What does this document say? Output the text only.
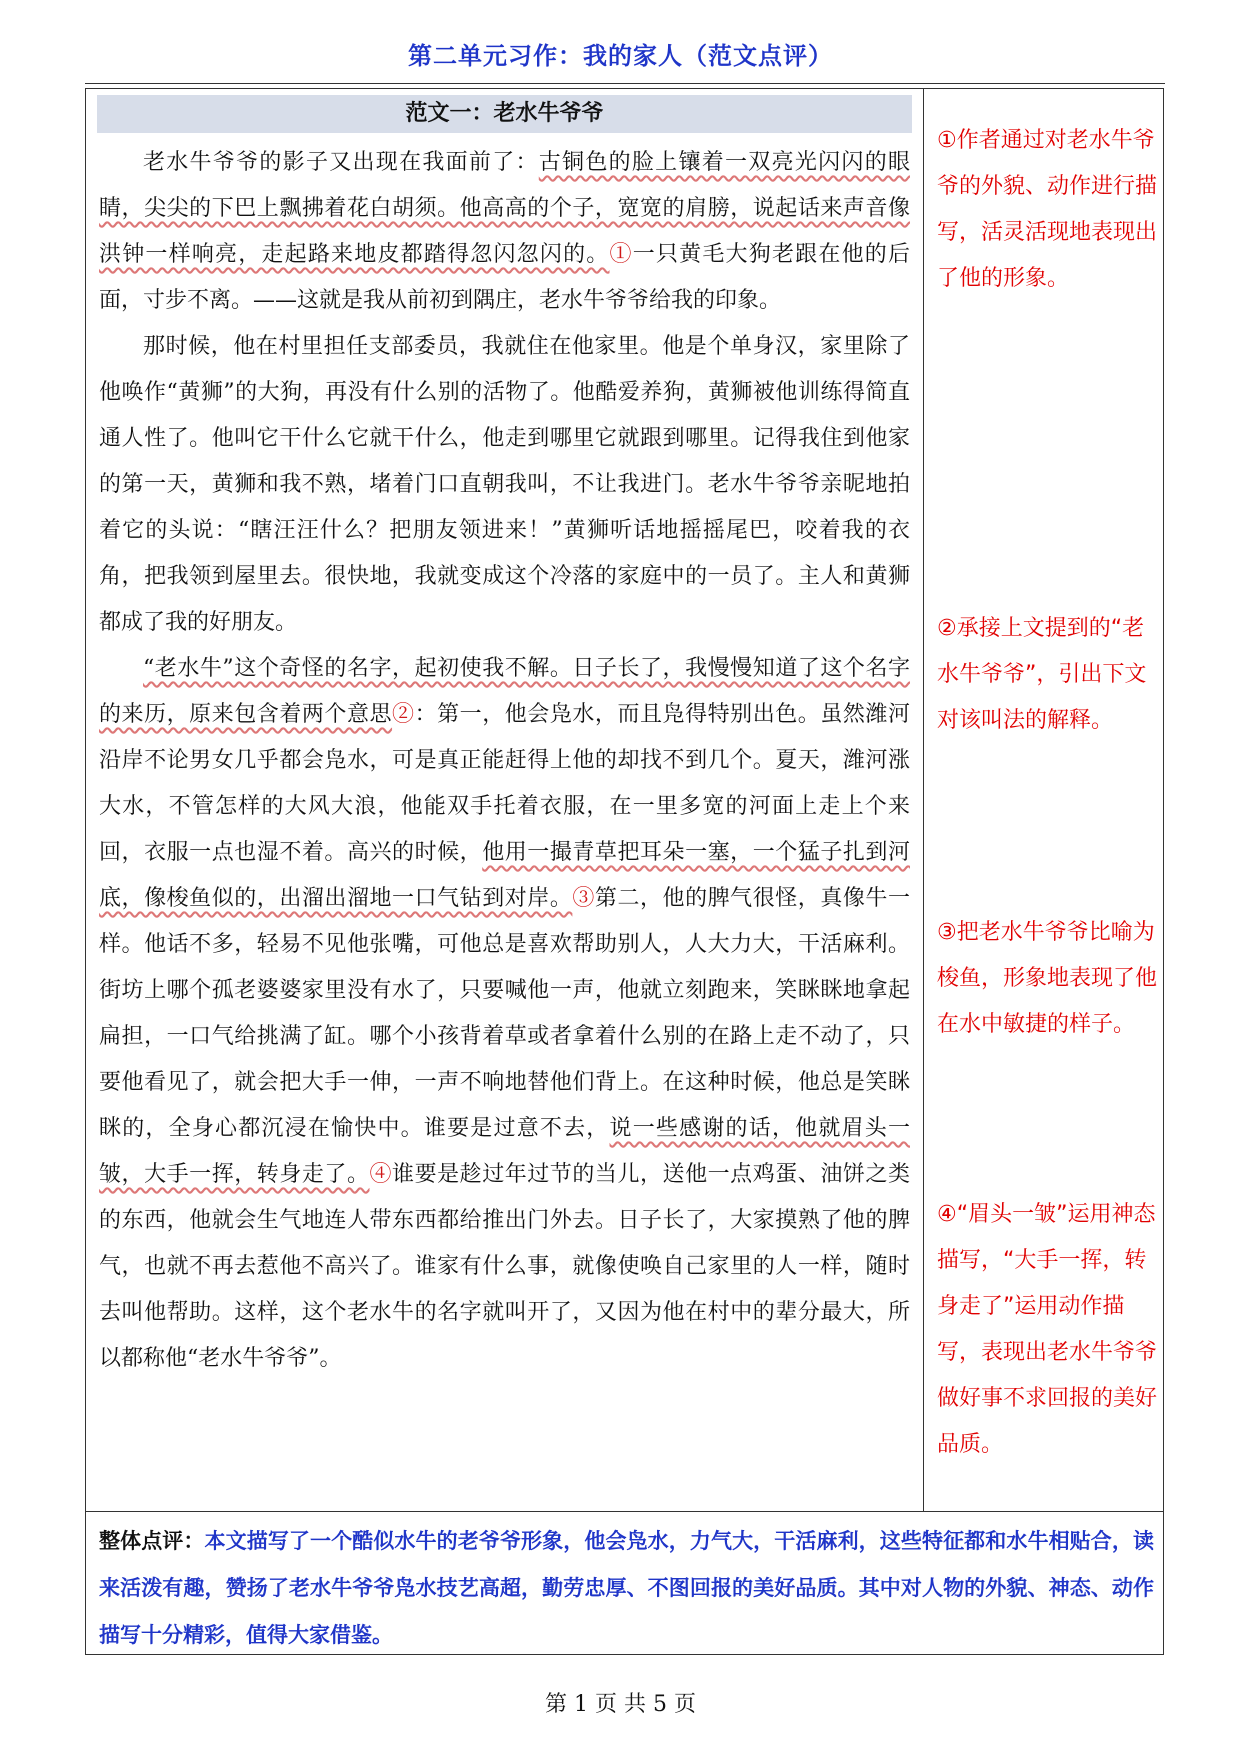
第二单元习作：我的家人（范文点评）
范文一：老水牛爷爷

老水牛爷爷的影子又出现在我面前了：古铜色的脸上镶着一双亮光闪闪的眼睛，尖尖的下巴上飘拂着花白胡须。他高高的个子，宽宽的肩膀，说起话来声音像洪钟一样响亮，走起路来地皮都踏得忽闪忽闪的。①一只黄毛大狗老跟在他的后面，寸步不离。——这就是我从前初到隅庄，老水牛爷爷给我的印象。

那时候，他在村里担任支部委员，我就住在他家里。他是个单身汉，家里除了他唤作“黄狮”的大狗，再没有什么别的活物了。他酷爱养狗，黄狮被他训练得简直通人性了。他叫它干什么它就干什么，他走到哪里它就跟到哪里。记得我住到他家的第一天，黄狮和我不熟，堵着门口直朝我叫，不让我进门。老水牛爷爷亲昵地拍着它的头说：“瞎汪汪什么？把朋友领进来！”黄狮听话地摇摇尾巴，咬着我的衣角，把我领到屋里去。很快地，我就变成这个冷落的家庭中的一员了。主人和黄狮都成了我的好朋友。

“老水牛”这个奇怪的名字，起初使我不解。日子长了，我慢慢知道了这个名字的来历，原来包含着两个意思②：第一，他会凫水，而且凫得特别出色。虽然潍河沿岸不论男女几乎都会凫水，可是真正能赶得上他的却找不到几个。夏天，潍河涨大水，不管怎样的大风大浪，他能双手托着衣服，在一里多宽的河面上走上个来回，衣服一点也湿不着。高兴的时候，他用一撮青草把耳朵一塞，一个猛子扎到河底，像梭鱼似的，出溜出溜地一口气钻到对岸。③第二，他的脾气很怪，真像牛一样。他话不多，轻易不见他张嘴，可他总是喜欢帮助别人，人大力大，干活麻利。街坊上哪个孤老婆婆家里没有水了，只要喊他一声，他就立刻跑来，笑眯眯地拿起扁担，一口气给挑满了缸。哪个小孩背着草或者拿着什么别的在路上走不动了，只要他看见了，就会把大手一伸，一声不响地替他们背上。在这种时候，他总是笑眯眯的，全身心都沉浸在愉快中。谁要是过意不去，说一些感谢的话，他就眉头一皱，大手一挥，转身走了。④谁要是趁过年过节的当儿，送他一点鸡蛋、油饼之类的东西，他就会生气地连人带东西都给推出门外去。日子长了，大家摸熟了他的脾气，也就不再去惹他不高兴了。谁家有什么事，就像使唤自己家里的人一样，随时去叫他帮助。这样，这个老水牛的名字就叫开了，又因为他在村中的辈分最大，所以都称他“老水牛爷爷”。

①作者通过对老水牛爷爷的外貌、动作进行描写，活灵活现地表现出了他的形象。
②承接上文提到的“老水牛爷爷”，引出下文对该叫法的解释。
③把老水牛爷爷比喻为梭鱼，形象地表现了他在水中敏捷的样子。
④“眉头一皱”运用神态描写，“大手一挥，转身走了”运用动作描写，表现出老水牛爷爷做好事不求回报的美好品质。
整体点评：本文描写了一个酷似水牛的老爷爷形象，他会凫水，力气大，干活麻利，这些特征都和水牛相贴合，读来活泼有趣，赞扬了老水牛爷爷凫水技艺高超，勤劳忠厚、不图回报的美好品质。其中对人物的外貌、神态、动作描写十分精彩，值得大家借鉴。
第 1 页 共 5 页
